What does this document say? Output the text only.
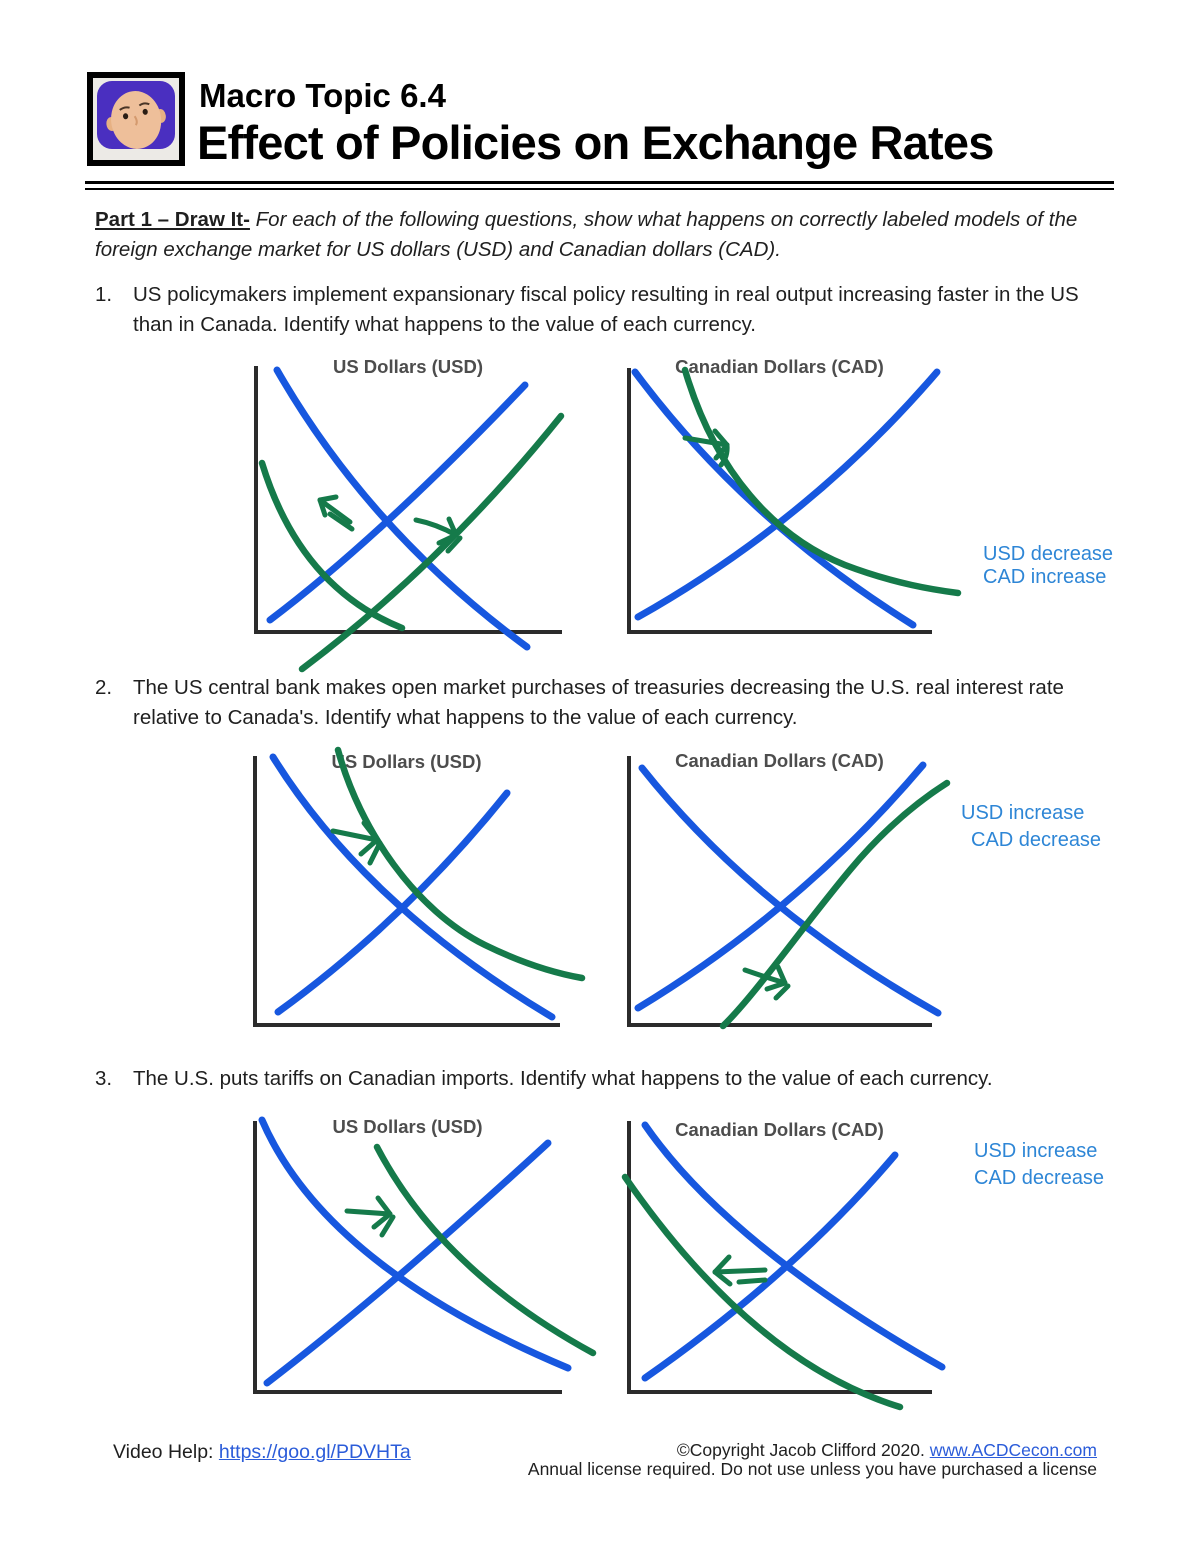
Macro Topic 6.4
Effect of Policies on Exchange Rates
Part 1 – Draw It- For each of the following questions, show what happens on correctly labeled models of the foreign exchange market for US dollars (USD) and Canadian dollars (CAD).
1.	US policymakers implement expansionary fiscal policy resulting in real output increasing faster in the US than in Canada. Identify what happens to the value of each currency.
US Dollars (USD)	Canadian Dollars (CAD)
USD decrease
CAD increase
2.	The US central bank makes open market purchases of treasuries decreasing the U.S. real interest rate relative to Canada's. Identify what happens to the value of each currency.
US Dollars (USD)	Canadian Dollars (CAD)
USD increase
CAD decrease
3.	The U.S. puts tariffs on Canadian imports. Identify what happens to the value of each currency.
US Dollars (USD)	Canadian Dollars (CAD)
USD increase
CAD decrease
Video Help: https://goo.gl/PDVHTa	©Copyright Jacob Clifford 2020. www.ACDCecon.com
Annual license required. Do not use unless you have purchased a license
